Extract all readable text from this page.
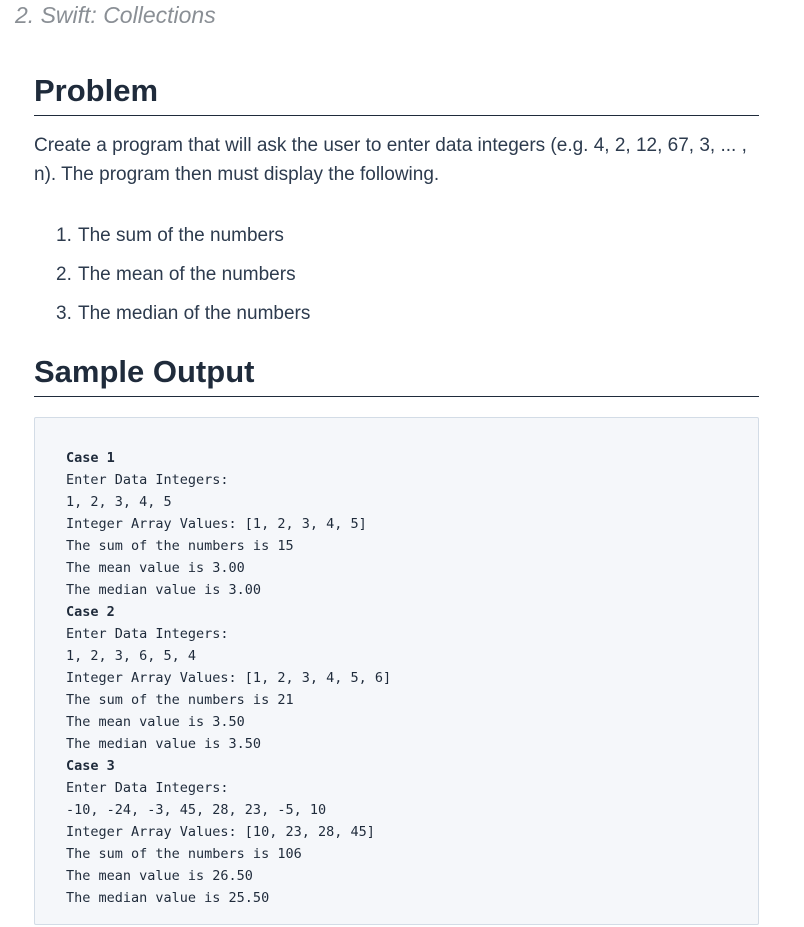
2. Swift: Collections
Problem

Create a program that will ask the user to enter data integers (e.g. 4, 2, 12, 67, 3, ... , n). The program then must display the following.

1. The sum of the numbers
2. The mean of the numbers
3. The median of the numbers
Sample Output
Case 1
Enter Data Integers:
1, 2, 3, 4, 5
Integer Array Values: [1, 2, 3, 4, 5]
The sum of the numbers is 15
The mean value is 3.00
The median value is 3.00
Case 2
Enter Data Integers:
1, 2, 3, 6, 5, 4
Integer Array Values: [1, 2, 3, 4, 5, 6]
The sum of the numbers is 21
The mean value is 3.50
The median value is 3.50
Case 3
Enter Data Integers:
-10, -24, -3, 45, 28, 23, -5, 10
Integer Array Values: [10, 23, 28, 45]
The sum of the numbers is 106
The mean value is 26.50
The median value is 25.50
